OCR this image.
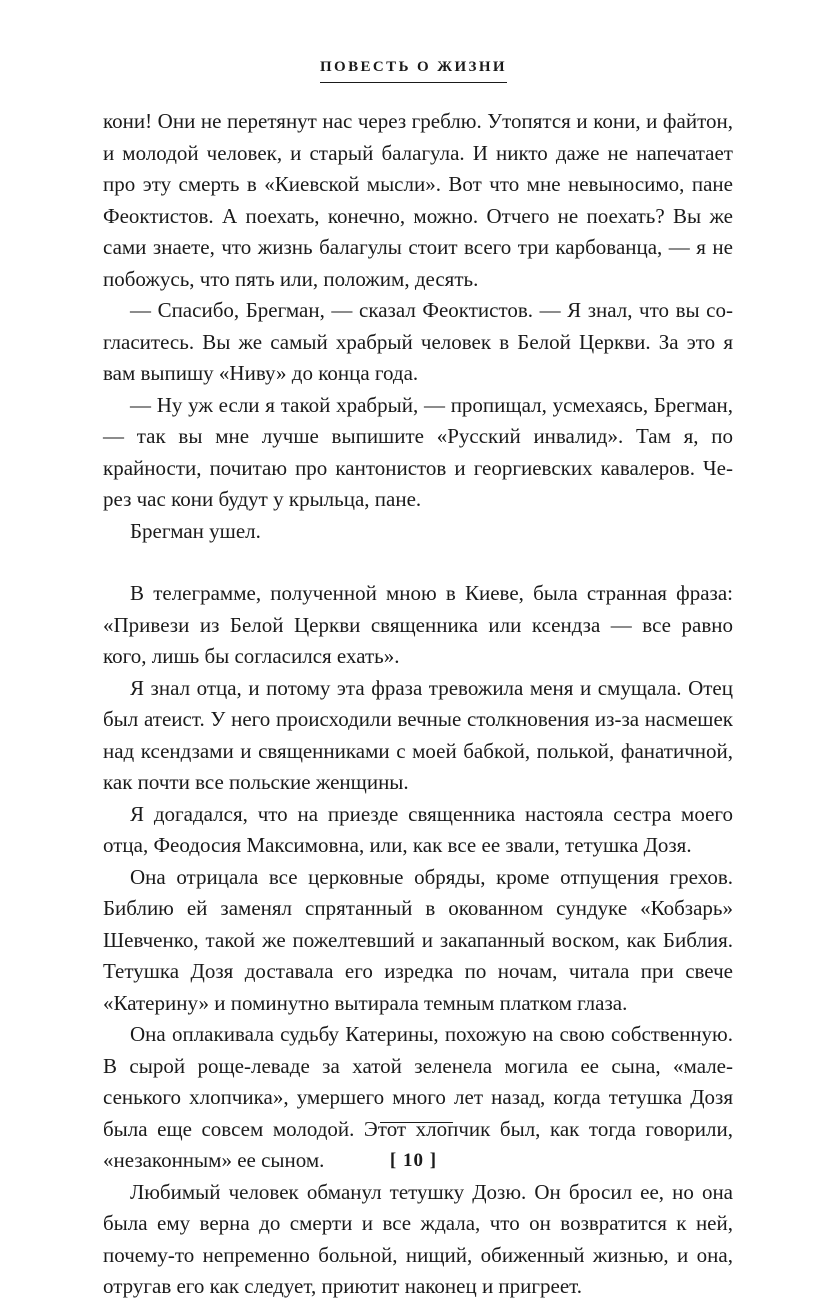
ПОВЕСТЬ О ЖИЗНИ

кони! Они не перетянут нас через греблю. Утопятся и кони, и файтон, и молодой человек, и старый балагула. И никто даже не напечатает про эту смерть в «Киевской мысли». Вот что мне невыносимо, пане Феоктистов. А поехать, конечно, можно. Отчего не поехать? Вы же сами знаете, что жизнь балагулы стоит всего три карбованца, — я не побожусь, что пять или, положим, десять.

— Спасибо, Брегман, — сказал Феоктистов. — Я знал, что вы согласитесь. Вы же самый храбрый человек в Белой Церкви. За это я вам выпишу «Ниву» до конца года.

— Ну уж если я такой храбрый, — пропищал, усмехаясь, Брегман, — так вы мне лучше выпишите «Русский инвалид». Там я, по крайности, почитаю про кантонистов и георгиевских кавалеров. Через час кони будут у крыльца, пане.

Брегман ушел.

В телеграмме, полученной мною в Киеве, была странная фраза: «Привези из Белой Церкви священника или ксендза — все равно кого, лишь бы согласился ехать».

Я знал отца, и потому эта фраза тревожила меня и смущала. Отец был атеист. У него происходили вечные столкновения из-за насмешек над ксендзами и священниками с моей бабкой, полькой, фанатичной, как почти все польские женщины.

Я догадался, что на приезде священника настояла сестра моего отца, Феодосия Максимовна, или, как все ее звали, тетушка Дозя.

Она отрицала все церковные обряды, кроме отпущения грехов. Библию ей заменял спрятанный в окованном сундуке «Кобзарь» Шевченко, такой же пожелтевший и закапанный воском, как Библия. Тетушка Дозя доставала его изредка по ночам, читала при свече «Катерину» и поминутно вытирала темным платком глаза.

Она оплакивала судьбу Катерины, похожую на свою собственную. В сырой роще-леваде за хатой зеленела могила ее сына, «малесенького хлопчика», умершего много лет назад, когда тетушка Дозя была еще совсем молодой. Этот хлопчик был, как тогда говорили, «незаконным» ее сыном.

Любимый человек обманул тетушку Дозю. Он бросил ее, но она была ему верна до смерти и все ждала, что он возвратится к ней, почему-то непременно больной, нищий, обиженный жизнью, и она, отругав его как следует, приютит наконец и пригреет.

[ 10 ]
